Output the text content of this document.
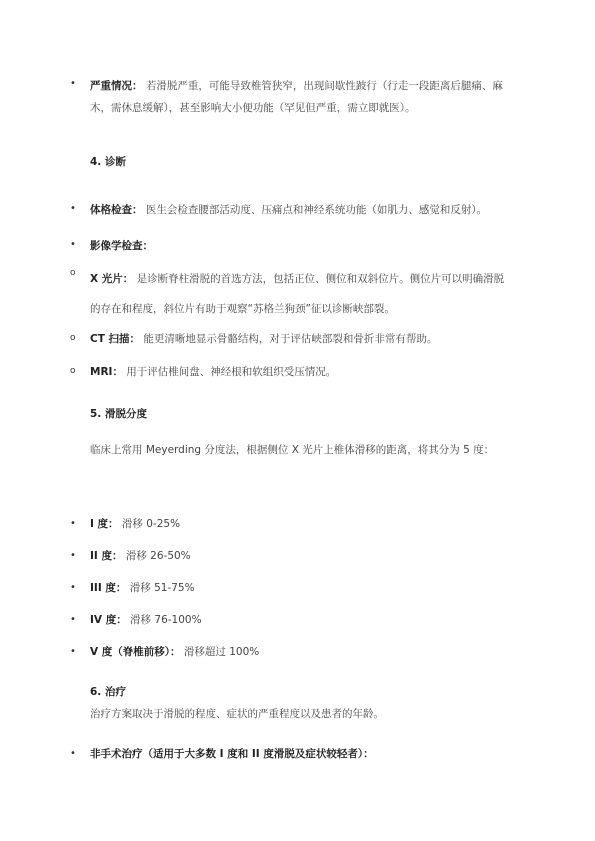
•	严重情况： 若滑脱严重，可能导致椎管狭窄，出现间歇性跛行（行走一段距离后腿痛、麻木，需休息缓解），甚至影响大小便功能（罕见但严重，需立即就医）。
4. 诊断
•	体格检查： 医生会检查腰部活动度、压痛点和神经系统功能（如肌力、感觉和反射）。
•	影像学检查：
o	X 光片： 是诊断脊柱滑脱的首选方法，包括正位、侧位和双斜位片。侧位片可以明确滑脱的存在和程度，斜位片有助于观察“苏格兰狗颈”征以诊断峡部裂。
o	CT 扫描： 能更清晰地显示骨骼结构，对于评估峡部裂和骨折非常有帮助。
o	MRI： 用于评估椎间盘、神经根和软组织受压情况。
5. 滑脱分度
临床上常用 Meyerding 分度法，根据侧位 X 光片上椎体滑移的距离，将其分为 5 度：
•	I 度： 滑移 0-25%
•	II 度： 滑移 26-50%
•	III 度： 滑移 51-75%
•	IV 度： 滑移 76-100%
•	V 度（脊椎前移）： 滑移超过 100%
6. 治疗
治疗方案取决于滑脱的程度、症状的严重程度以及患者的年龄。
•	非手术治疗（适用于大多数 I 度和 II 度滑脱及症状较轻者）：
